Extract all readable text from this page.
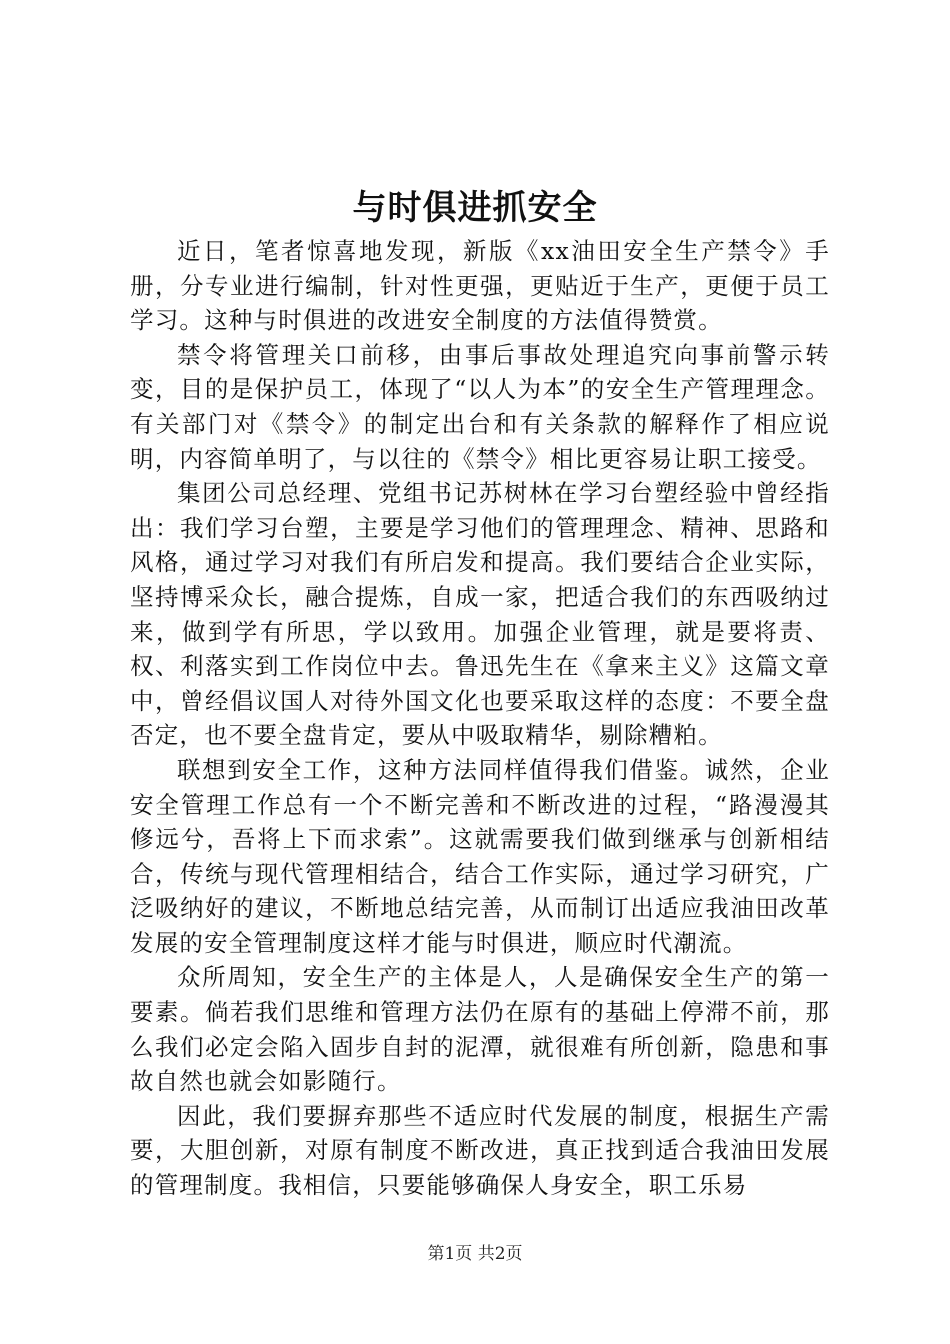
与时俱进抓安全

近日，笔者惊喜地发现，新版《xx油田安全生产禁令》手册，分专业进行编制，针对性更强，更贴近于生产，更便于员工学习。这种与时俱进的改进安全制度的方法值得赞赏。

禁令将管理关口前移，由事后事故处理追究向事前警示转变，目的是保护员工，体现了“以人为本”的安全生产管理理念。有关部门对《禁令》的制定出台和有关条款的解释作了相应说明，内容简单明了，与以往的《禁令》相比更容易让职工接受。

集团公司总经理、党组书记苏树林在学习台塑经验中曾经指出：我们学习台塑，主要是学习他们的管理理念、精神、思路和风格，通过学习对我们有所启发和提高。我们要结合企业实际，坚持博采众长，融合提炼，自成一家，把适合我们的东西吸纳过来，做到学有所思，学以致用。加强企业管理，就是要将责、权、利落实到工作岗位中去。鲁迅先生在《拿来主义》这篇文章中，曾经倡议国人对待外国文化也要采取这样的态度：不要全盘否定，也不要全盘肯定，要从中吸取精华，剔除糟粕。

联想到安全工作，这种方法同样值得我们借鉴。诚然，企业安全管理工作总有一个不断完善和不断改进的过程，“路漫漫其修远兮，吾将上下而求索”。这就需要我们做到继承与创新相结合，传统与现代管理相结合，结合工作实际，通过学习研究，广泛吸纳好的建议，不断地总结完善，从而制订出适应我油田改革发展的安全管理制度这样才能与时俱进，顺应时代潮流。

众所周知，安全生产的主体是人，人是确保安全生产的第一要素。倘若我们思维和管理方法仍在原有的基础上停滞不前，那么我们必定会陷入固步自封的泥潭，就很难有所创新，隐患和事故自然也就会如影随行。

因此，我们要摒弃那些不适应时代发展的制度，根据生产需要，大胆创新，对原有制度不断改进，真正找到适合我油田发展的管理制度。我相信，只要能够确保人身安全，职工乐易

第1页 共2页
